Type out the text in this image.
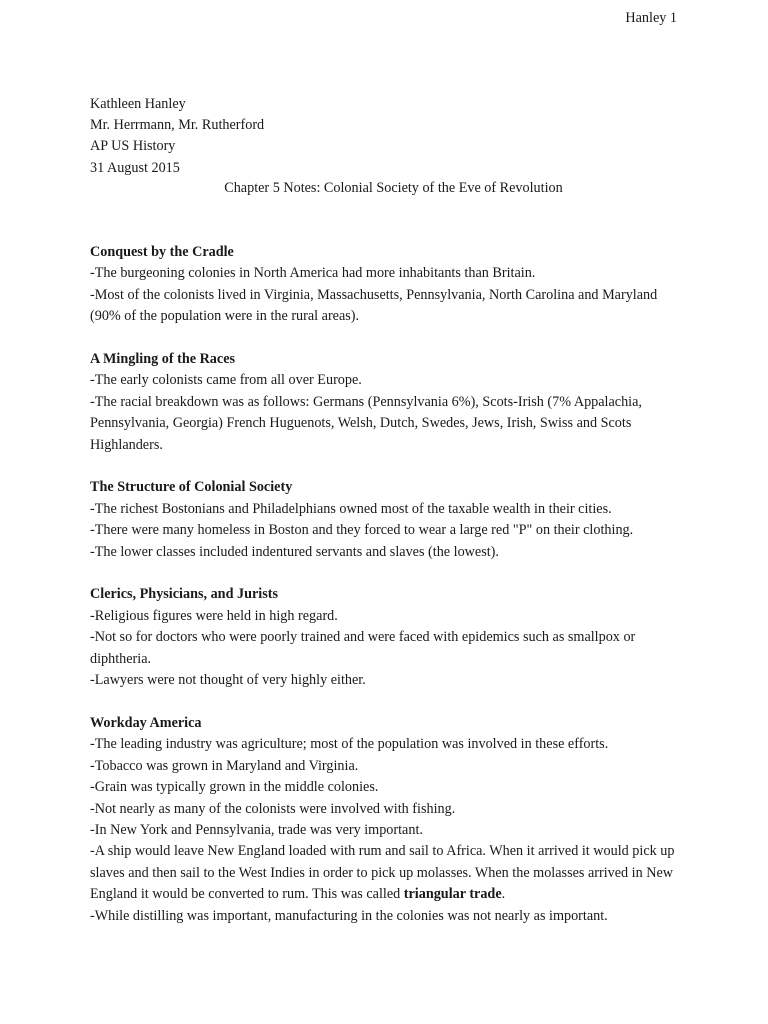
Hanley 1
Kathleen Hanley
Mr. Herrmann, Mr. Rutherford
AP US History
31 August 2015
Chapter 5 Notes: Colonial Society of the Eve of Revolution
Conquest by the Cradle
-The burgeoning colonies in North America had more inhabitants than Britain.
-Most of the colonists lived in Virginia, Massachusetts, Pennsylvania, North Carolina and Maryland (90% of the population were in the rural areas).
A Mingling of the Races
-The early colonists came from all over Europe.
-The racial breakdown was as follows: Germans (Pennsylvania 6%), Scots-Irish (7% Appalachia, Pennsylvania, Georgia) French Huguenots, Welsh, Dutch, Swedes, Jews, Irish, Swiss and Scots Highlanders.
The Structure of Colonial Society
-The richest Bostonians and Philadelphians owned most of the taxable wealth in their cities.
-There were many homeless in Boston and they forced to wear a large red "P" on their clothing.
-The lower classes included indentured servants and slaves (the lowest).
Clerics, Physicians, and Jurists
-Religious figures were held in high regard.
-Not so for doctors who were poorly trained and were faced with epidemics such as smallpox or diphtheria.
-Lawyers were not thought of very highly either.
Workday America
-The leading industry was agriculture; most of the population was involved in these efforts.
-Tobacco was grown in Maryland and Virginia.
-Grain was typically grown in the middle colonies.
-Not nearly as many of the colonists were involved with fishing.
-In New York and Pennsylvania, trade was very important.
-A ship would leave New England loaded with rum and sail to Africa. When it arrived it would pick up slaves and then sail to the West Indies in order to pick up molasses. When the molasses arrived in New England it would be converted to rum. This was called triangular trade.
-While distilling was important, manufacturing in the colonies was not nearly as important.
